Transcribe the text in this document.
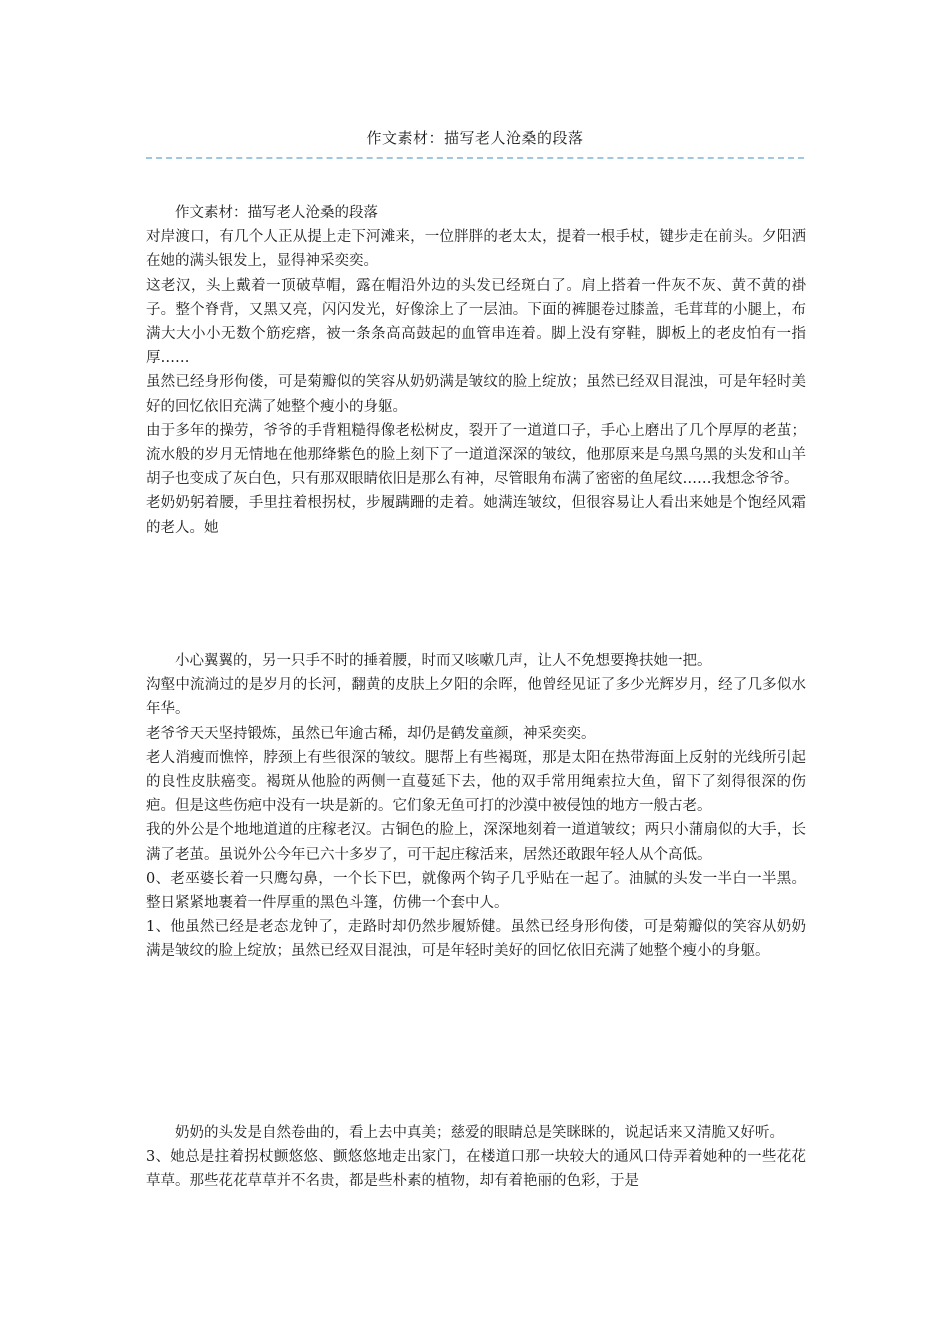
作文素材：描写老人沧桑的段落

作文素材：描写老人沧桑的段落

对岸渡口，有几个人正从提上走下河滩来，一位胖胖的老太太，提着一根手杖，键步走在前头。夕阳洒在她的满头银发上，显得神采奕奕。

这老汉，头上戴着一顶破草帽，露在帽沿外边的头发已经斑白了。肩上搭着一件灰不灰、黄不黄的褂子。整个脊背，又黑又亮，闪闪发光，好像涂上了一层油。下面的裤腿卷过膝盖，毛茸茸的小腿上，布满大大小小无数个筋疙瘩，被一条条高高鼓起的血管串连着。脚上没有穿鞋，脚板上的老皮怕有一指厚……

虽然已经身形佝偻，可是菊瓣似的笑容从奶奶满是皱纹的脸上绽放；虽然已经双目混浊，可是年轻时美好的回忆依旧充满了她整个瘦小的身躯。

由于多年的操劳，爷爷的手背粗糙得像老松树皮，裂开了一道道口子，手心上磨出了几个厚厚的老茧；流水般的岁月无情地在他那绛紫色的脸上刻下了一道道深深的皱纹，他那原来是乌黑乌黑的头发和山羊胡子也变成了灰白色，只有那双眼睛依旧是那么有神，尽管眼角布满了密密的鱼尾纹……我想念爷爷。

老奶奶躬着腰，手里拄着根拐杖，步履蹒跚的走着。她满连皱纹，但很容易让人看出来她是个饱经风霜的老人。她

小心翼翼的，另一只手不时的捶着腰，时而又咳嗽几声，让人不免想要搀扶她一把。

沟壑中流淌过的是岁月的长河，翻黄的皮肤上夕阳的余晖，他曾经见证了多少光辉岁月，经了几多似水年华。

老爷爷天天坚持锻炼，虽然已年逾古稀，却仍是鹤发童颜，神采奕奕。

老人消瘦而憔悴，脖颈上有些很深的皱纹。腮帮上有些褐斑，那是太阳在热带海面上反射的光线所引起的良性皮肤癌变。褐斑从他脸的两侧一直蔓延下去，他的双手常用绳索拉大鱼，留下了刻得很深的伤疤。但是这些伤疤中没有一块是新的。它们象无鱼可打的沙漠中被侵蚀的地方一般古老。

我的外公是个地地道道的庄稼老汉。古铜色的脸上，深深地刻着一道道皱纹；两只小蒲扇似的大手，长满了老茧。虽说外公今年已六十多岁了，可干起庄稼活来，居然还敢跟年轻人从个高低。

0、老巫婆长着一只鹰勾鼻，一个长下巴，就像两个钩子几乎贴在一起了。油腻的头发一半白一半黑。整日紧紧地裹着一件厚重的黑色斗篷，仿佛一个套中人。

1、他虽然已经是老态龙钟了，走路时却仍然步履矫健。虽然已经身形佝偻，可是菊瓣似的笑容从奶奶满是皱纹的脸上绽放；虽然已经双目混浊，可是年轻时美好的回忆依旧充满了她整个瘦小的身躯。

奶奶的头发是自然卷曲的，看上去中真美；慈爱的眼睛总是笑眯眯的，说起话来又清脆又好听。

3、她总是拄着拐杖颤悠悠、颤悠悠地走出家门，在楼道口那一块较大的通风口侍弄着她种的一些花花草草。那些花花草草并不名贵，都是些朴素的植物，却有着艳丽的色彩，于是
